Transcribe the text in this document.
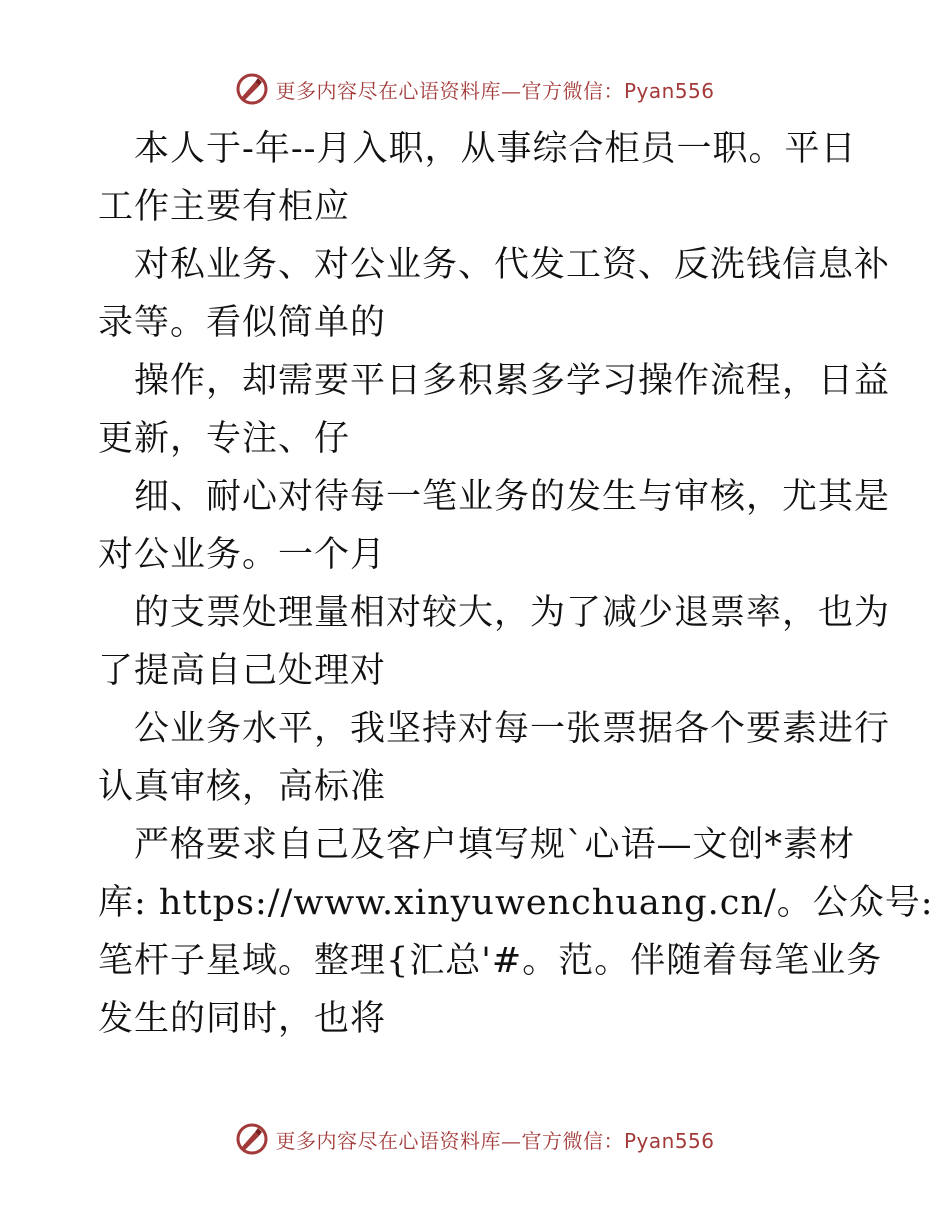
更多内容尽在心语资料库—官方微信：Pyan556
本人于-年--月入职，从事综合柜员一职。平日
工作主要有柜应
对私业务、对公业务、代发工资、反洗钱信息补
录等。看似简单的
操作，却需要平日多积累多学习操作流程，日益
更新，专注、仔
细、耐心对待每一笔业务的发生与审核，尤其是
对公业务。一个月
的支票处理量相对较大，为了减少退票率，也为
了提高自己处理对
公业务水平，我坚持对每一张票据各个要素进行
认真审核，高标准
严格要求自己及客户填写规`心语—文创*素材
库: https://www.xinyuwenchuang.cn/。公众号:
笔杆子星域。整理{汇总'#。范。伴随着每笔业务
发生的同时，也将
更多内容尽在心语资料库—官方微信：Pyan556
